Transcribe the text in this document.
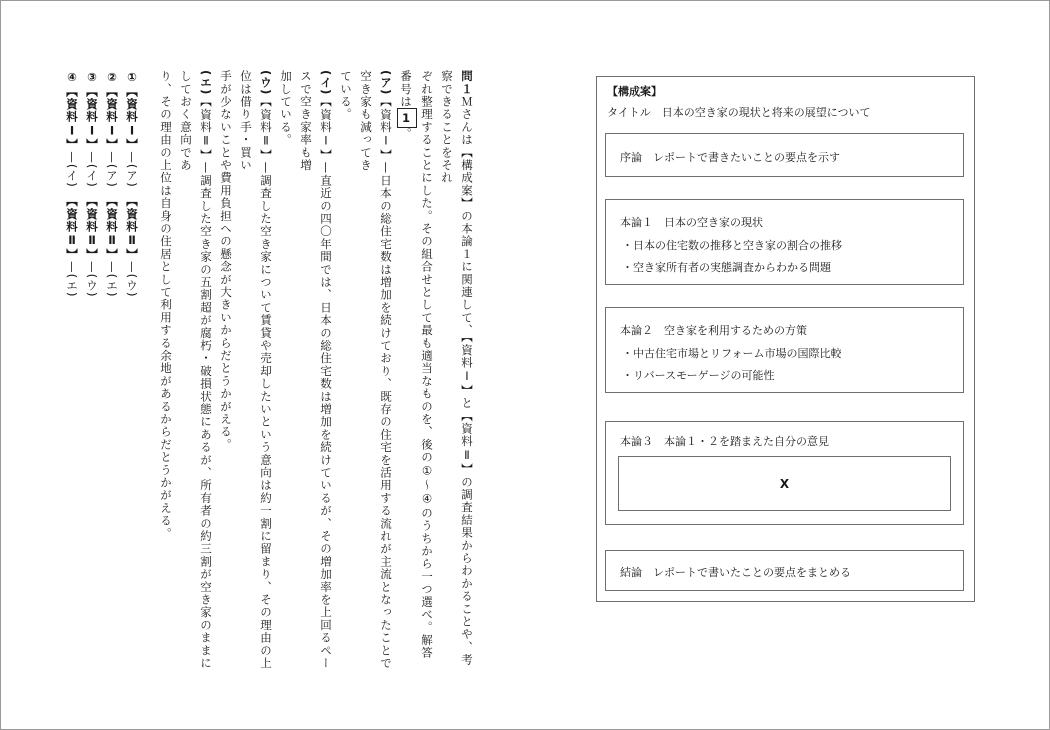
問１Ｍさんは【構成案】の本論１に関連して、【資料Ⅰ】と【資料Ⅱ】の調査結果からわかることや、考察できることをそれ
ぞれ整理することにした。その組合せとして最も適当なものを、後の①〜④のうちから一つ選べ。解答番号は1。
(ア)【資料Ⅰ】—日本の総住宅数は増加を続けており、既存の住宅を活用する流れが主流となったことで空き家も減ってき
ている。
(イ)【資料Ⅰ】—直近の四〇年間では、日本の総住宅数は増加を続けているが、その増加率を上回るペースで空き家率も増
加している。
(ウ)【資料Ⅱ】—調査した空き家について賃貸や売却したいという意向は約一割に留まり、その理由の上位は借り手・買い
手が少ないことや費用負担への懸念が大きいからだとうかがえる。
(エ)【資料Ⅱ】—調査した空き家の五割超が腐朽・破損状態にあるが、所有者の約三割が空き家のままにしておく意向であ
り、その理由の上位は自身の住居として利用する余地があるからだとうかがえる。
①【資料Ⅰ】—(ア)　【資料Ⅱ】—(ウ)
②【資料Ⅰ】—(ア)　【資料Ⅱ】—(エ)
③【資料Ⅰ】—(イ)　【資料Ⅱ】—(ウ)
④【資料Ⅰ】—(イ)　【資料Ⅱ】—(エ)
【構成案】
タイトル　日本の空き家の現状と将来の展望について
序論　レポートで書きたいことの要点を示す
本論１　日本の空き家の現状
・日本の住宅数の推移と空き家の割合の推移
・空き家所有者の実態調査からわかる問題
本論２　空き家を利用するための方策
・中古住宅市場とリフォーム市場の国際比較
・リバースモーゲージの可能性
本論３　本論１・２を踏まえた自分の意見
X
結論　レポートで書いたことの要点をまとめる
